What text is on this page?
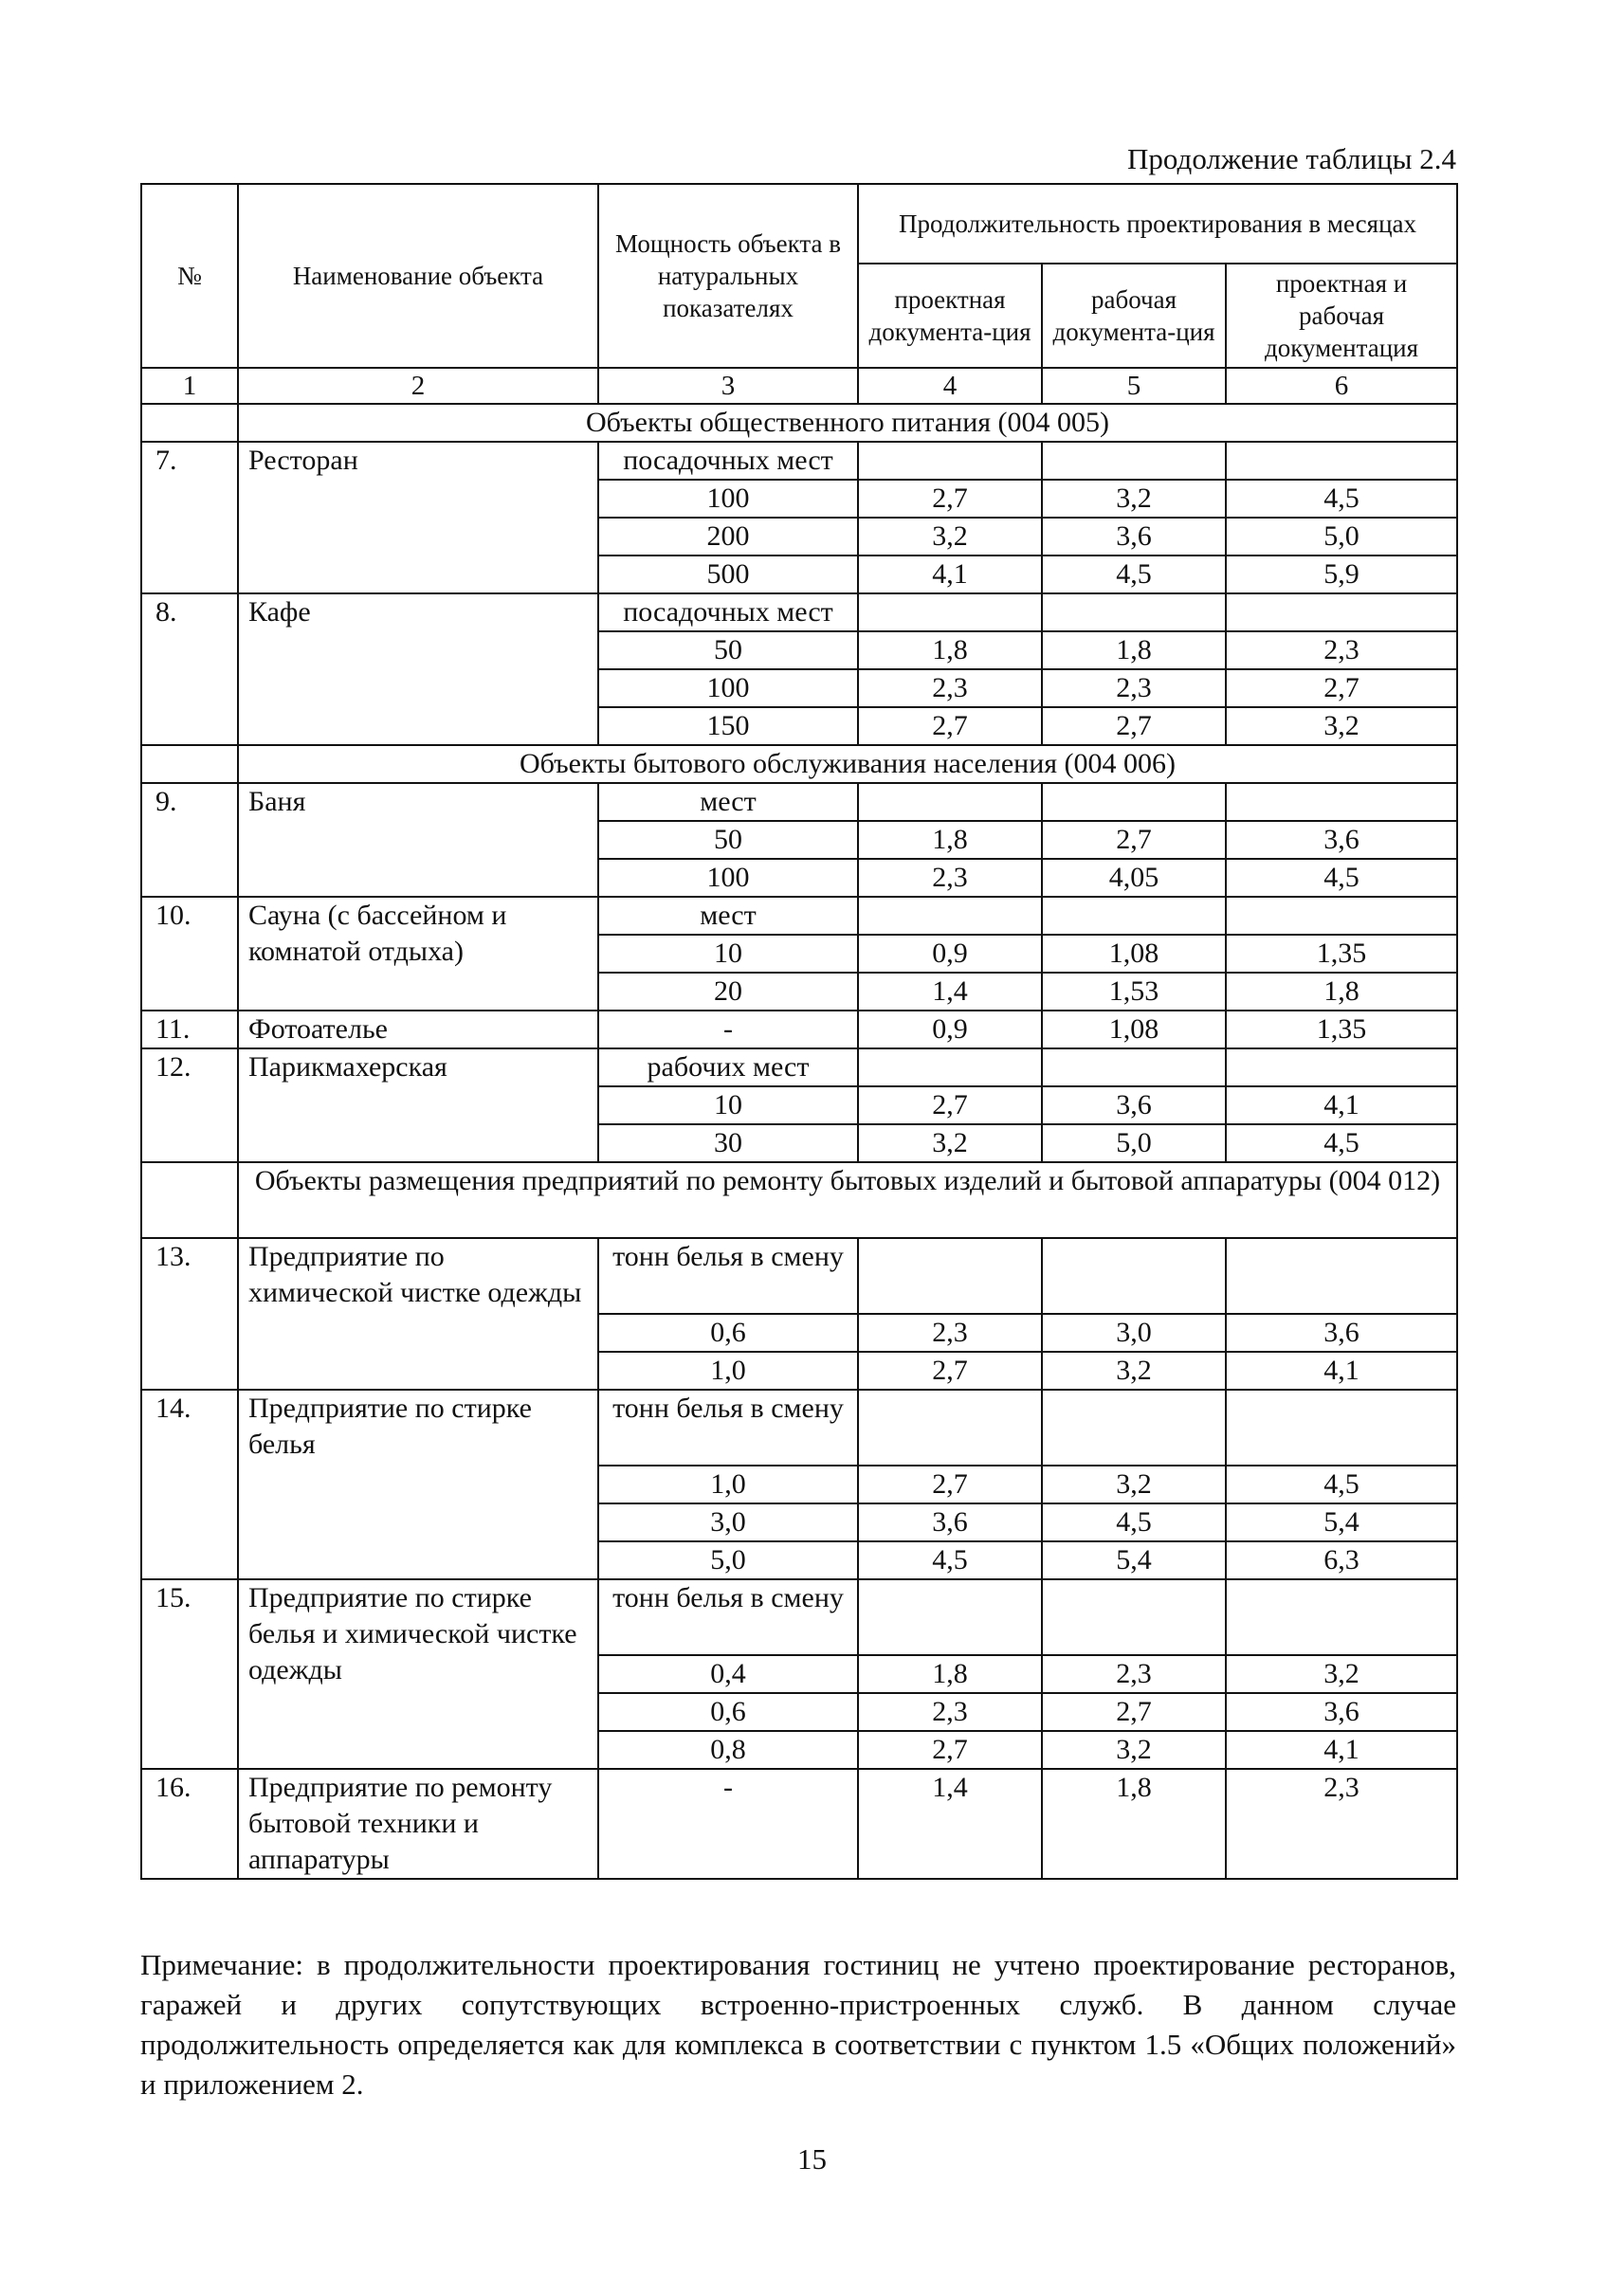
Продолжение таблицы 2.4
№	Наименование объекта	Мощность объекта в натуральных показателях	Продолжительность проектирования в месяцах		
			проектная документа-ция	рабочая документа-ция	проектная и рабочая документация
1	2	3	4	5	6
	Объекты общественного питания (004 005)				
7.	Ресторан	посадочных мест			
		100	2,7	3,2	4,5
		200	3,2	3,6	5,0
		500	4,1	4,5	5,9
8.	Кафе	посадочных мест			
		50	1,8	1,8	2,3
		100	2,3	2,3	2,7
		150	2,7	2,7	3,2
	Объекты бытового обслуживания населения (004 006)				
9.	Баня	мест			
		50	1,8	2,7	3,6
		100	2,3	4,05	4,5
10.	Сауна (с бассейном и комнатой отдыха)	мест			
		10	0,9	1,08	1,35
		20	1,4	1,53	1,8
11.	Фотоателье	-	0,9	1,08	1,35
12.	Парикмахерская	рабочих мест			
		10	2,7	3,6	4,1
		30	3,2	5,0	4,5
	Объекты размещения предприятий по ремонту бытовых изделий и бытовой аппаратуры (004 012)				
13.	Предприятие по химической чистке одежды	тонн белья в смену			
		0,6	2,3	3,0	3,6
		1,0	2,7	3,2	4,1
14.	Предприятие по стирке белья	тонн белья в смену			
		1,0	2,7	3,2	4,5
		3,0	3,6	4,5	5,4
		5,0	4,5	5,4	6,3
15.	Предприятие по стирке белья и химической чистке одежды	тонн белья в смену			
		0,4	1,8	2,3	3,2
		0,6	2,3	2,7	3,6
		0,8	2,7	3,2	4,1
16.	Предприятие по ремонту бытовой техники и аппаратуры	-	1,4	1,8	2,3
Примечание: в продолжительности проектирования гостиниц не учтено проектирование ресторанов, гаражей и других сопутствующих встроенно-пристроенных служб. В данном случае продолжительность определяется как для комплекса в соответствии с пунктом 1.5 «Общих положений» и приложением 2.
15
